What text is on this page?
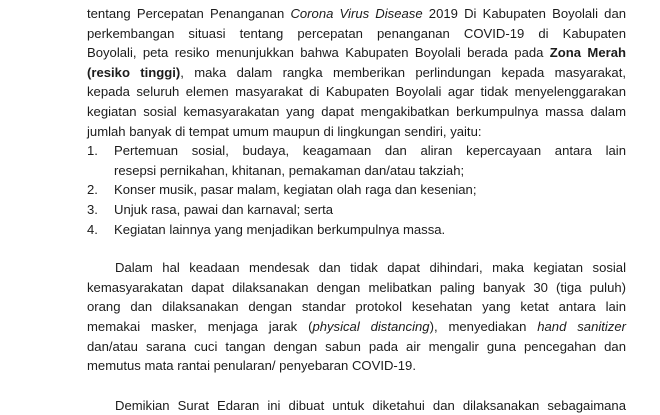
tentang Percepatan Penanganan Corona Virus Disease 2019 Di Kabupaten Boyolali dan
perkembangan situasi tentang percepatan penanganan COVID-19 di Kabupaten
Boyolali, peta resiko menunjukkan bahwa Kabupaten Boyolali berada pada Zona Merah
(resiko tinggi), maka dalam rangka memberikan perlindungan kepada masyarakat,
kepada seluruh elemen masyarakat di Kabupaten Boyolali agar tidak menyelenggarakan
kegiatan sosial kemasyarakatan yang dapat mengakibatkan berkumpulnya massa dalam
jumlah banyak di tempat umum maupun di lingkungan sendiri, yaitu:

1. Pertemuan sosial, budaya, keagamaan dan aliran kepercayaan antara lain
resepsi pernikahan, khitanan, pemakaman dan/atau takziah;
2. Konser musik, pasar malam, kegiatan olah raga dan kesenian;
3. Unjuk rasa, pawai dan karnaval; serta
4. Kegiatan lainnya yang menjadikan berkumpulnya massa.

Dalam hal keadaan mendesak dan tidak dapat dihindari, maka kegiatan sosial
kemasyarakatan dapat dilaksanakan dengan melibatkan paling banyak 30 (tiga puluh)
orang dan dilaksanakan dengan standar protokol kesehatan yang ketat antara lain
memakai masker, menjaga jarak (physical distancing), menyediakan hand sanitizer
dan/atau sarana cuci tangan dengan sabun pada air mengalir guna pencegahan dan
memutus mata rantai penularan/ penyebaran COVID-19.

Demikian Surat Edaran ini dibuat untuk diketahui dan dilaksanakan sebagaimana
